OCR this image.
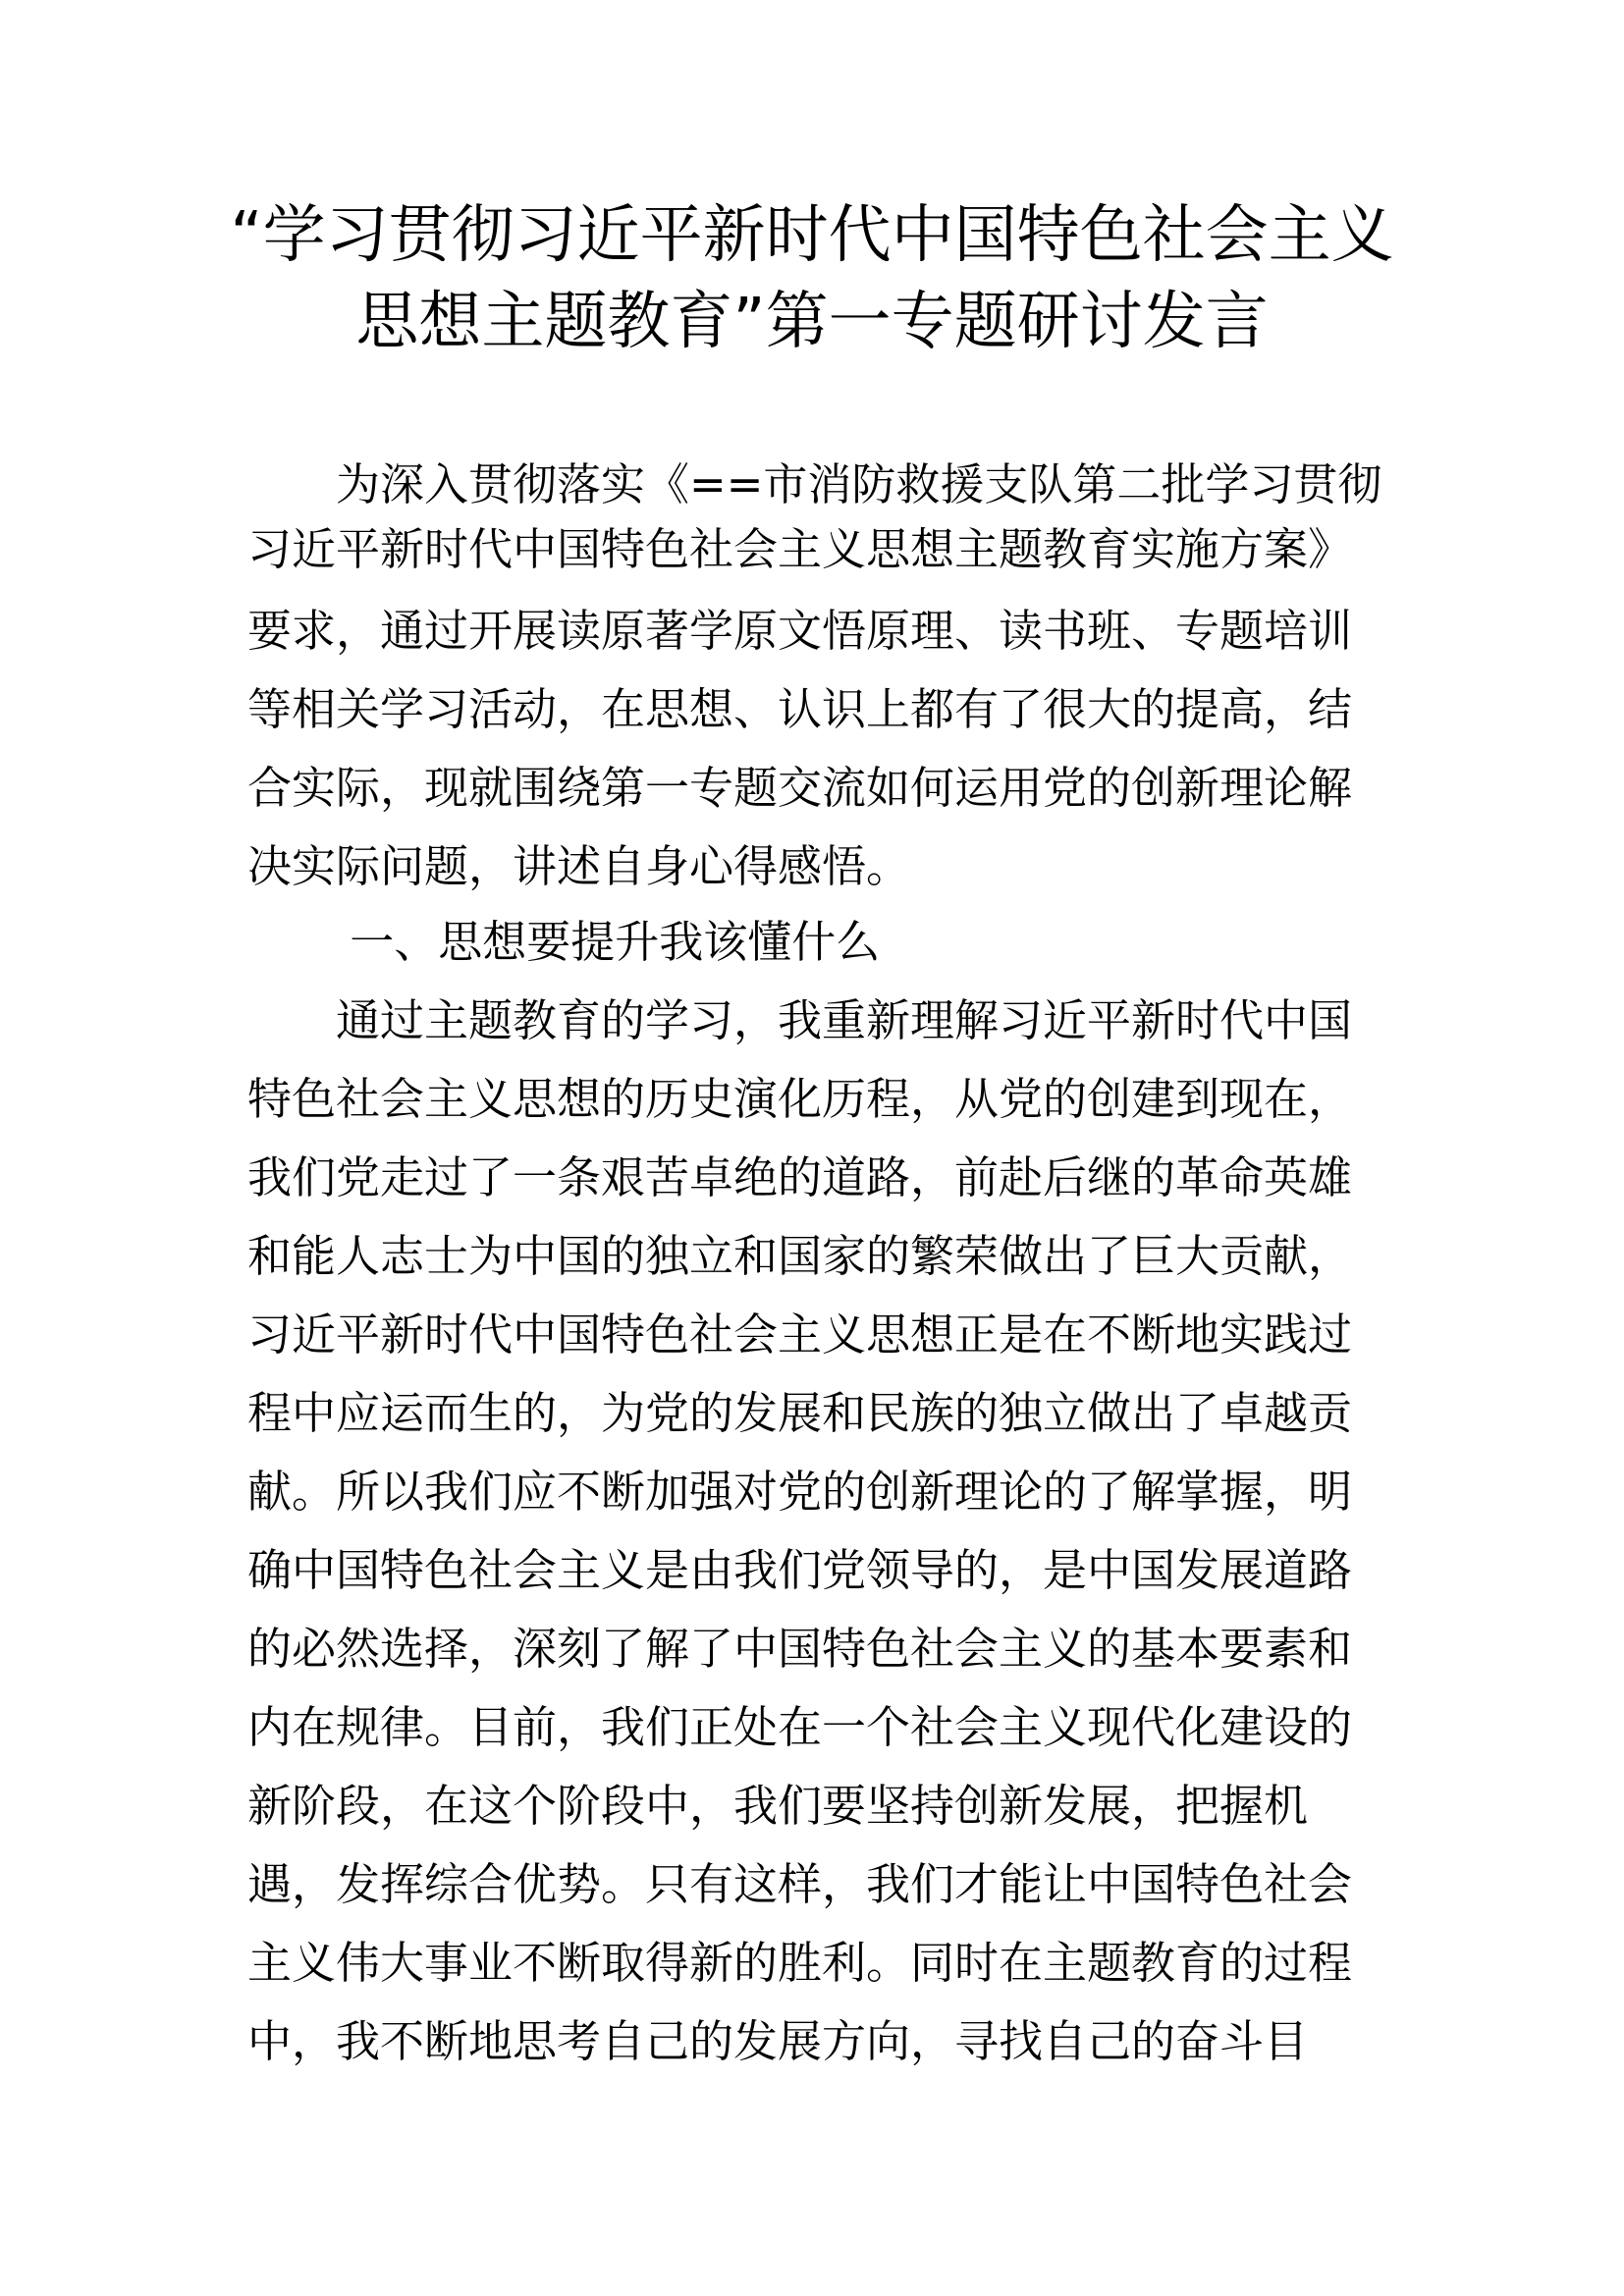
“学习贯彻习近平新时代中国特色社会主义
思想主题教育”第一专题研讨发言

　　为深入贯彻落实《==市消防救援支队第二批学习贯彻

习近平新时代中国特色社会主义思想主题教育实施方案》

要求，通过开展读原著学原文悟原理、读书班、专题培训

等相关学习活动，在思想、认识上都有了很大的提高，结

合实际，现就围绕第一专题交流如何运用党的创新理论解

决实际问题，讲述自身心得感悟。

　　 一、思想要提升我该懂什么

　　通过主题教育的学习，我重新理解习近平新时代中国

特色社会主义思想的历史演化历程，从党的创建到现在，

我们党走过了一条艰苦卓绝的道路，前赴后继的革命英雄

和能人志士为中国的独立和国家的繁荣做出了巨大贡献，

习近平新时代中国特色社会主义思想正是在不断地实践过

程中应运而生的，为党的发展和民族的独立做出了卓越贡

献。所以我们应不断加强对党的创新理论的了解掌握，明

确中国特色社会主义是由我们党领导的，是中国发展道路

的必然选择，深刻了解了中国特色社会主义的基本要素和

内在规律。目前，我们正处在一个社会主义现代化建设的

新阶段，在这个阶段中，我们要坚持创新发展，把握机

遇，发挥综合优势。只有这样，我们才能让中国特色社会

主义伟大事业不断取得新的胜利。同时在主题教育的过程

中，我不断地思考自己的发展方向，寻找自己的奋斗目
